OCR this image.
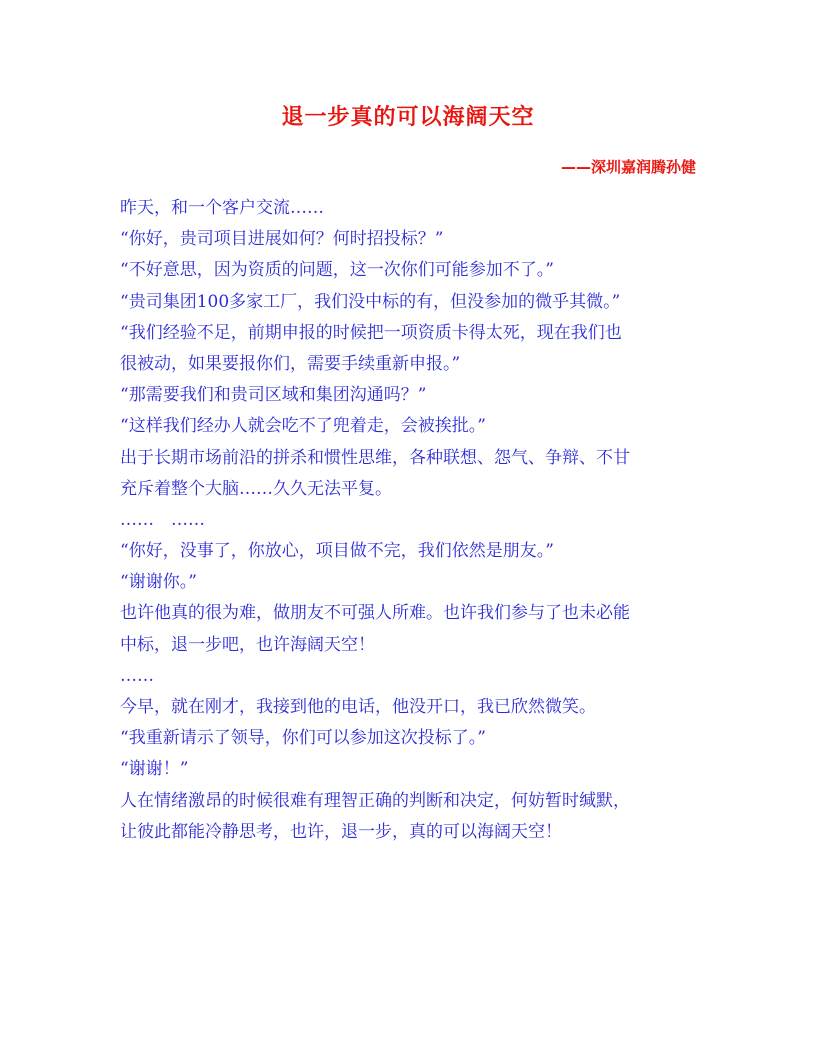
退一步真的可以海阔天空
——深圳嘉润腾孙健
昨天，和一个客户交流……
“你好，贵司项目进展如何？何时招投标？”
“不好意思，因为资质的问题，这一次你们可能参加不了。”
“贵司集团100多家工厂，我们没中标的有，但没参加的微乎其微。”
“我们经验不足，前期申报的时候把一项资质卡得太死，现在我们也
很被动，如果要报你们，需要手续重新申报。”
“那需要我们和贵司区域和集团沟通吗？”
“这样我们经办人就会吃不了兜着走，会被挨批。”
出于长期市场前沿的拼杀和惯性思维，各种联想、怨气、争辩、不甘
充斥着整个大脑……久久无法平复。
……　……
“你好，没事了，你放心，项目做不完，我们依然是朋友。”
“谢谢你。”
也许他真的很为难，做朋友不可强人所难。也许我们参与了也未必能
中标，退一步吧，也许海阔天空！
……
今早，就在刚才，我接到他的电话，他没开口，我已欣然微笑。
“我重新请示了领导，你们可以参加这次投标了。”
“谢谢！”
人在情绪激昂的时候很难有理智正确的判断和决定，何妨暂时缄默，
让彼此都能冷静思考，也许，退一步，真的可以海阔天空！
